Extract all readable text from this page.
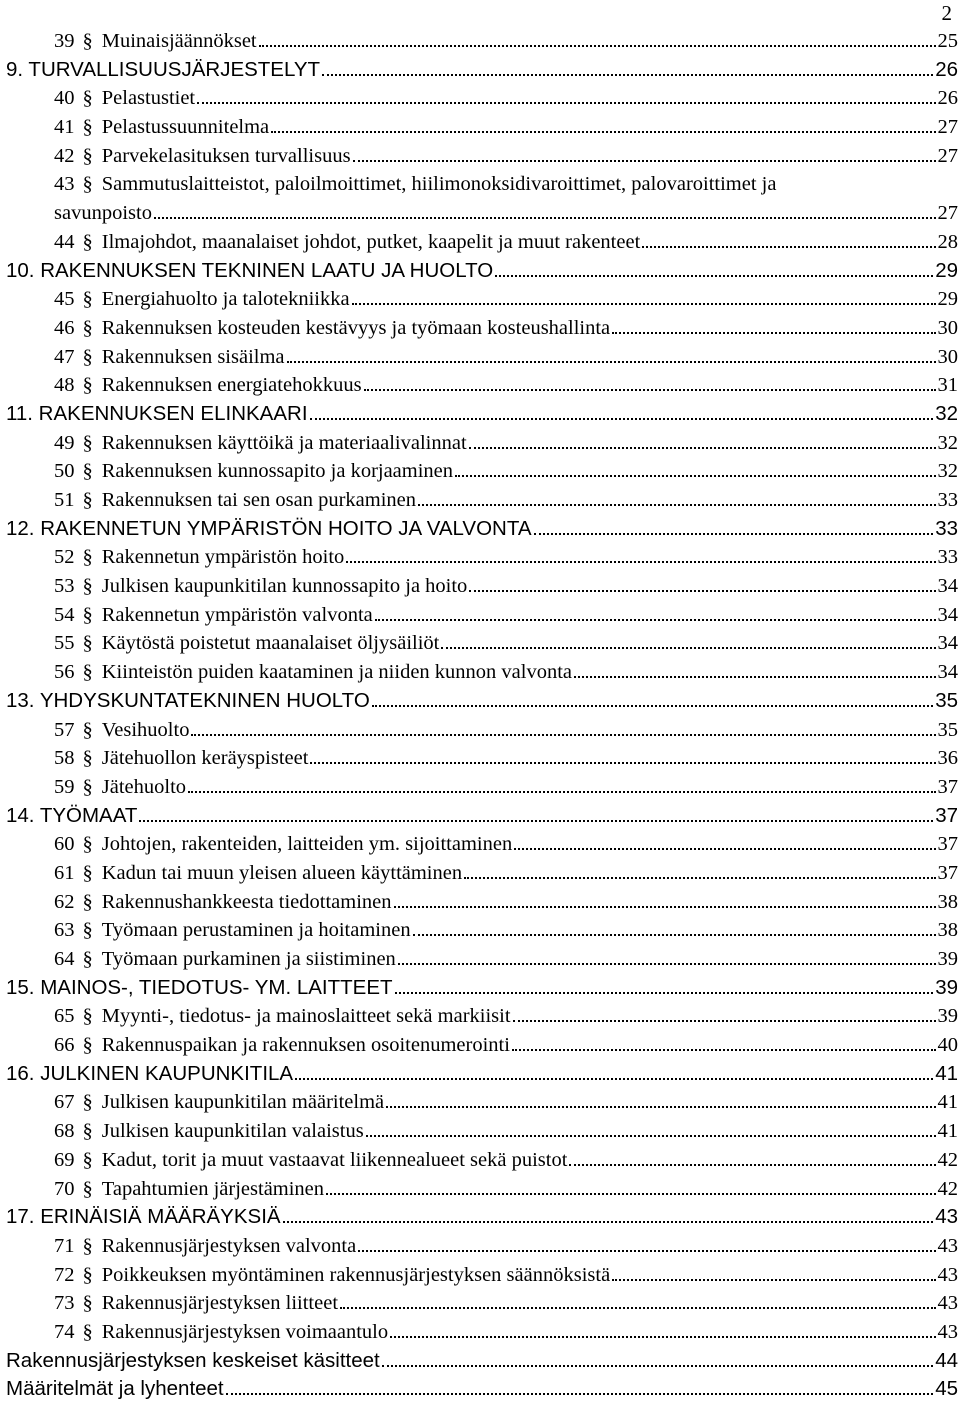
2
39 § Muinaisjäännökset	25
9. TURVALLISUUSJÄRJESTELYT	26
40 § Pelastustiet	26
41 § Pelastussuunnitelma	27
42 § Parvekelasituksen turvallisuus	27
43 § Sammutuslaitteistot, paloilmoittimet, hiilimonoksidivaroittimet, palovaroittimet ja
savunpoisto	27
44 § Ilmajohdot, maanalaiset johdot, putket, kaapelit ja muut rakenteet	28
10. RAKENNUKSEN TEKNINEN LAATU JA HUOLTO	29
45 § Energiahuolto ja talotekniikka	29
46 § Rakennuksen kosteuden kestävyys ja työmaan kosteushallinta	30
47 § Rakennuksen sisäilma	30
48 § Rakennuksen energiatehokkuus	31
11. RAKENNUKSEN ELINKAARI	32
49 § Rakennuksen käyttöikä ja materiaalivalinnat	32
50 § Rakennuksen kunnossapito ja korjaaminen	32
51 § Rakennuksen tai sen osan purkaminen	33
12. RAKENNETUN YMPÄRISTÖN HOITO JA VALVONTA	33
52 § Rakennetun ympäristön hoito	33
53 § Julkisen kaupunkitilan kunnossapito ja hoito	34
54 § Rakennetun ympäristön valvonta	34
55 § Käytöstä poistetut maanalaiset öljysäiliöt	34
56 § Kiinteistön puiden kaataminen ja niiden kunnon valvonta	34
13. YHDYSKUNTATEKNINEN HUOLTO	35
57 § Vesihuolto	35
58 § Jätehuollon keräyspisteet	36
59 § Jätehuolto	37
14. TYÖMAAT	37
60 § Johtojen, rakenteiden, laitteiden ym. sijoittaminen	37
61 § Kadun tai muun yleisen alueen käyttäminen	37
62 § Rakennushankkeesta tiedottaminen	38
63 § Työmaan perustaminen ja hoitaminen	38
64 § Työmaan purkaminen ja siistiminen	39
15. MAINOS-, TIEDOTUS- YM. LAITTEET	39
65 § Myynti-, tiedotus- ja mainoslaitteet sekä markiisit	39
66 § Rakennuspaikan ja rakennuksen osoitenumerointi	40
16. JULKINEN KAUPUNKITILA	41
67 § Julkisen kaupunkitilan määritelmä	41
68 § Julkisen kaupunkitilan valaistus	41
69 § Kadut, torit ja muut vastaavat liikennealueet sekä puistot	42
70 § Tapahtumien järjestäminen	42
17. ERINÄISIÄ MÄÄRÄYKSIÄ	43
71 § Rakennusjärjestyksen valvonta	43
72 § Poikkeuksen myöntäminen rakennusjärjestyksen säännöksistä	43
73 § Rakennusjärjestyksen liitteet	43
74 § Rakennusjärjestyksen voimaantulo	43
Rakennusjärjestyksen keskeiset käsitteet	44
Määritelmät ja lyhenteet	45
